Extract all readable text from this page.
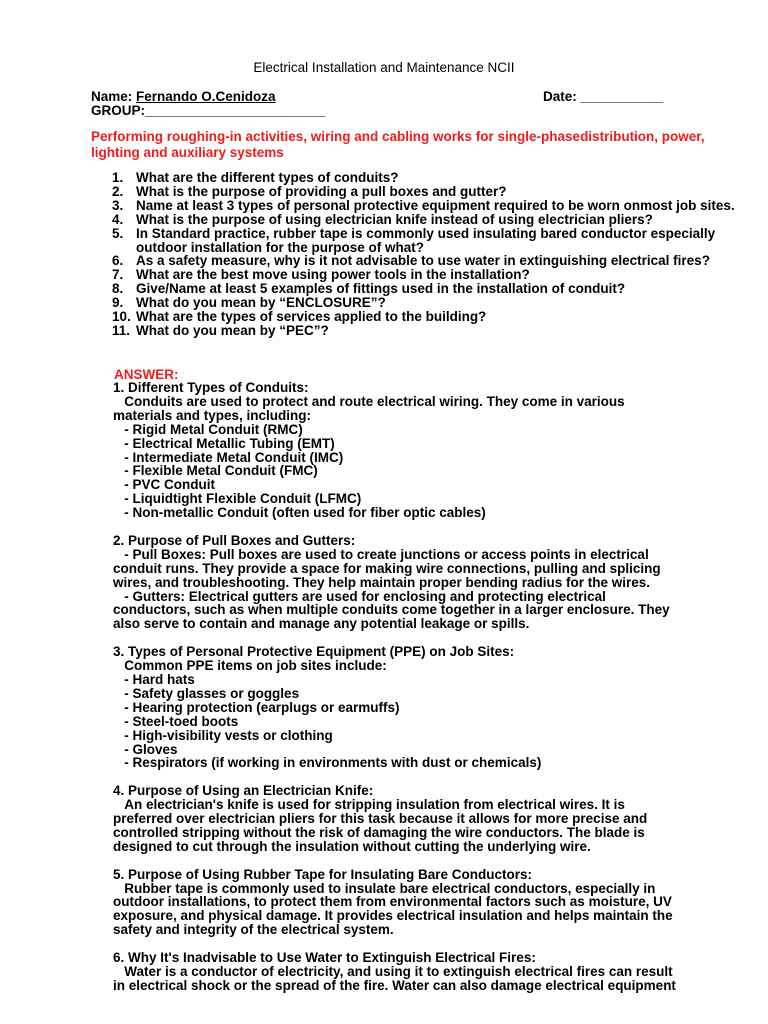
Electrical Installation and Maintenance NCII
Name: Fernando O.Cenidoza	Date: ___________
GROUP:________________________
Performing roughing-in activities, wiring and cabling works for single-phasedistribution, power, lighting and auxiliary systems
1. What are the different types of conduits?
2. What is the purpose of providing a pull boxes and gutter?
3. Name at least 3 types of personal protective equipment required to be worn onmost job sites.
4. What is the purpose of using electrician knife instead of using electrician pliers?
5. In Standard practice, rubber tape is commonly used insulating bared conductor especially outdoor installation for the purpose of what?
6. As a safety measure, why is it not advisable to use water in extinguishing electrical fires?
7. What are the best move using power tools in the installation?
8. Give/Name at least 5 examples of fittings used in the installation of conduit?
9. What do you mean by “ENCLOSURE”?
10. What are the types of services applied to the building?
11. What do you mean by “PEC”?
ANSWER:
1. Different Types of Conduits:
Conduits are used to protect and route electrical wiring. They come in various
materials and types, including:
- Rigid Metal Conduit (RMC)
- Electrical Metallic Tubing (EMT)
- Intermediate Metal Conduit (IMC)
- Flexible Metal Conduit (FMC)
- PVC Conduit
- Liquidtight Flexible Conduit (LFMC)
- Non-metallic Conduit (often used for fiber optic cables)
2. Purpose of Pull Boxes and Gutters:
- Pull Boxes: Pull boxes are used to create junctions or access points in electrical
conduit runs. They provide a space for making wire connections, pulling and splicing
wires, and troubleshooting. They help maintain proper bending radius for the wires.
- Gutters: Electrical gutters are used for enclosing and protecting electrical
conductors, such as when multiple conduits come together in a larger enclosure. They
also serve to contain and manage any potential leakage or spills.
3. Types of Personal Protective Equipment (PPE) on Job Sites:
Common PPE items on job sites include:
- Hard hats
- Safety glasses or goggles
- Hearing protection (earplugs or earmuffs)
- Steel-toed boots
- High-visibility vests or clothing
- Gloves
- Respirators (if working in environments with dust or chemicals)
4. Purpose of Using an Electrician Knife:
An electrician's knife is used for stripping insulation from electrical wires. It is
preferred over electrician pliers for this task because it allows for more precise and
controlled stripping without the risk of damaging the wire conductors. The blade is
designed to cut through the insulation without cutting the underlying wire.
5. Purpose of Using Rubber Tape for Insulating Bare Conductors:
Rubber tape is commonly used to insulate bare electrical conductors, especially in
outdoor installations, to protect them from environmental factors such as moisture, UV
exposure, and physical damage. It provides electrical insulation and helps maintain the
safety and integrity of the electrical system.
6. Why It's Inadvisable to Use Water to Extinguish Electrical Fires:
Water is a conductor of electricity, and using it to extinguish electrical fires can result
in electrical shock or the spread of the fire. Water can also damage electrical equipment
